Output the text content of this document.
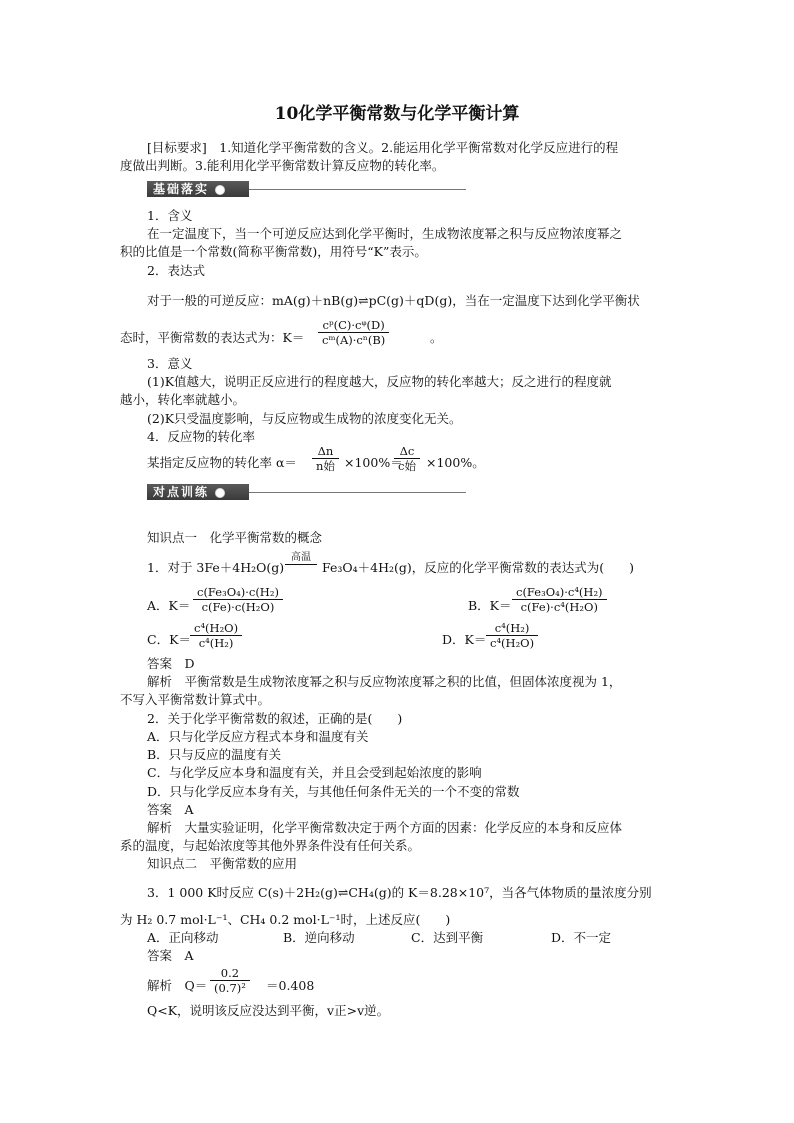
10化学平衡常数与化学平衡计算
[目标要求]　1.知道化学平衡常数的含义。2.能运用化学平衡常数对化学反应进行的程
度做出判断。3.能利用化学平衡常数计算反应物的转化率。
基础落实
1．含义
在一定温度下，当一个可逆反应达到化学平衡时，生成物浓度幂之积与反应物浓度幂之
积的比值是一个常数(简称平衡常数)，用符号“K”表示。
2．表达式
对于一般的可逆反应：mA(g)＋nB(g)⇌pC(g)＋qD(g)，当在一定温度下达到化学平衡状
态时，平衡常数的表达式为：$K= \frac{\text{cᵖ(C)·cᵠ(D)}}{\text{cᵐ(A)·cⁿ(B)}}$	。
3．意义
(1)K值越大，说明正反应进行的程度越大，反应物的转化率越大；反之进行的程度就
越小，转化率就越小。
(2)K只受温度影响，与反应物或生成物的浓度变化无关。
4．反应物的转化率
某指定反应物的转化率 α＝
Δn
n始 ×100%＝
Δc
c始 ×100%。
对点训练
知识点一　化学平衡常数的概念
1．对于 3Fe＋4H₂O(g)
高温
Fe₃O₄＋4H₂(g)，反应的化学平衡常数的表达式为(　　)
A．$K= \frac{\text{c(Fe₃O₄)·c(H₂)}}{\text{c(Fe)·c(H₂O)}}$	B．$K= \frac{\text{c(Fe₃O₄)·c⁴(H₂)}}{\text{c(Fe)·c⁴(H₂O)}}$
C．$K= \frac{\text{c⁴(H₂O)}}{\text{c⁴(H₂)}}$	D．$K= \frac{\text{c⁴(H₂)}}{\text{c⁴(H₂O)}}$
答案　D
解析　平衡常数是生成物浓度幂之积与反应物浓度幂之积的比值，但固体浓度视为 1，
不写入平衡常数计算式中。
2．关于化学平衡常数的叙述，正确的是(　　)
A．只与化学反应方程式本身和温度有关
B．只与反应的温度有关
C．与化学反应本身和温度有关，并且会受到起始浓度的影响
D．只与化学反应本身有关，与其他任何条件无关的一个不变的常数
答案　A
解析　大量实验证明，化学平衡常数决定于两个方面的因素：化学反应的本身和反应体
系的温度，与起始浓度等其他外界条件没有任何关系。
知识点二　平衡常数的应用
3．1 000 K时反应 C(s)＋2H₂(g)⇌CH₄(g)的 K＝8.28×10⁷，当各气体物质的量浓度分别
为 H₂ 0.7 mol·L⁻¹、CH₄ 0.2 mol·L⁻¹时，上述反应(　　)
A．正向移动	B．逆向移动	C．达到平衡	D．不一定
答案　A
解析　$Q= \frac{0.2}{\text{(0.7)²}} =0.408$
Q<K，说明该反应没达到平衡，v正>v逆。
